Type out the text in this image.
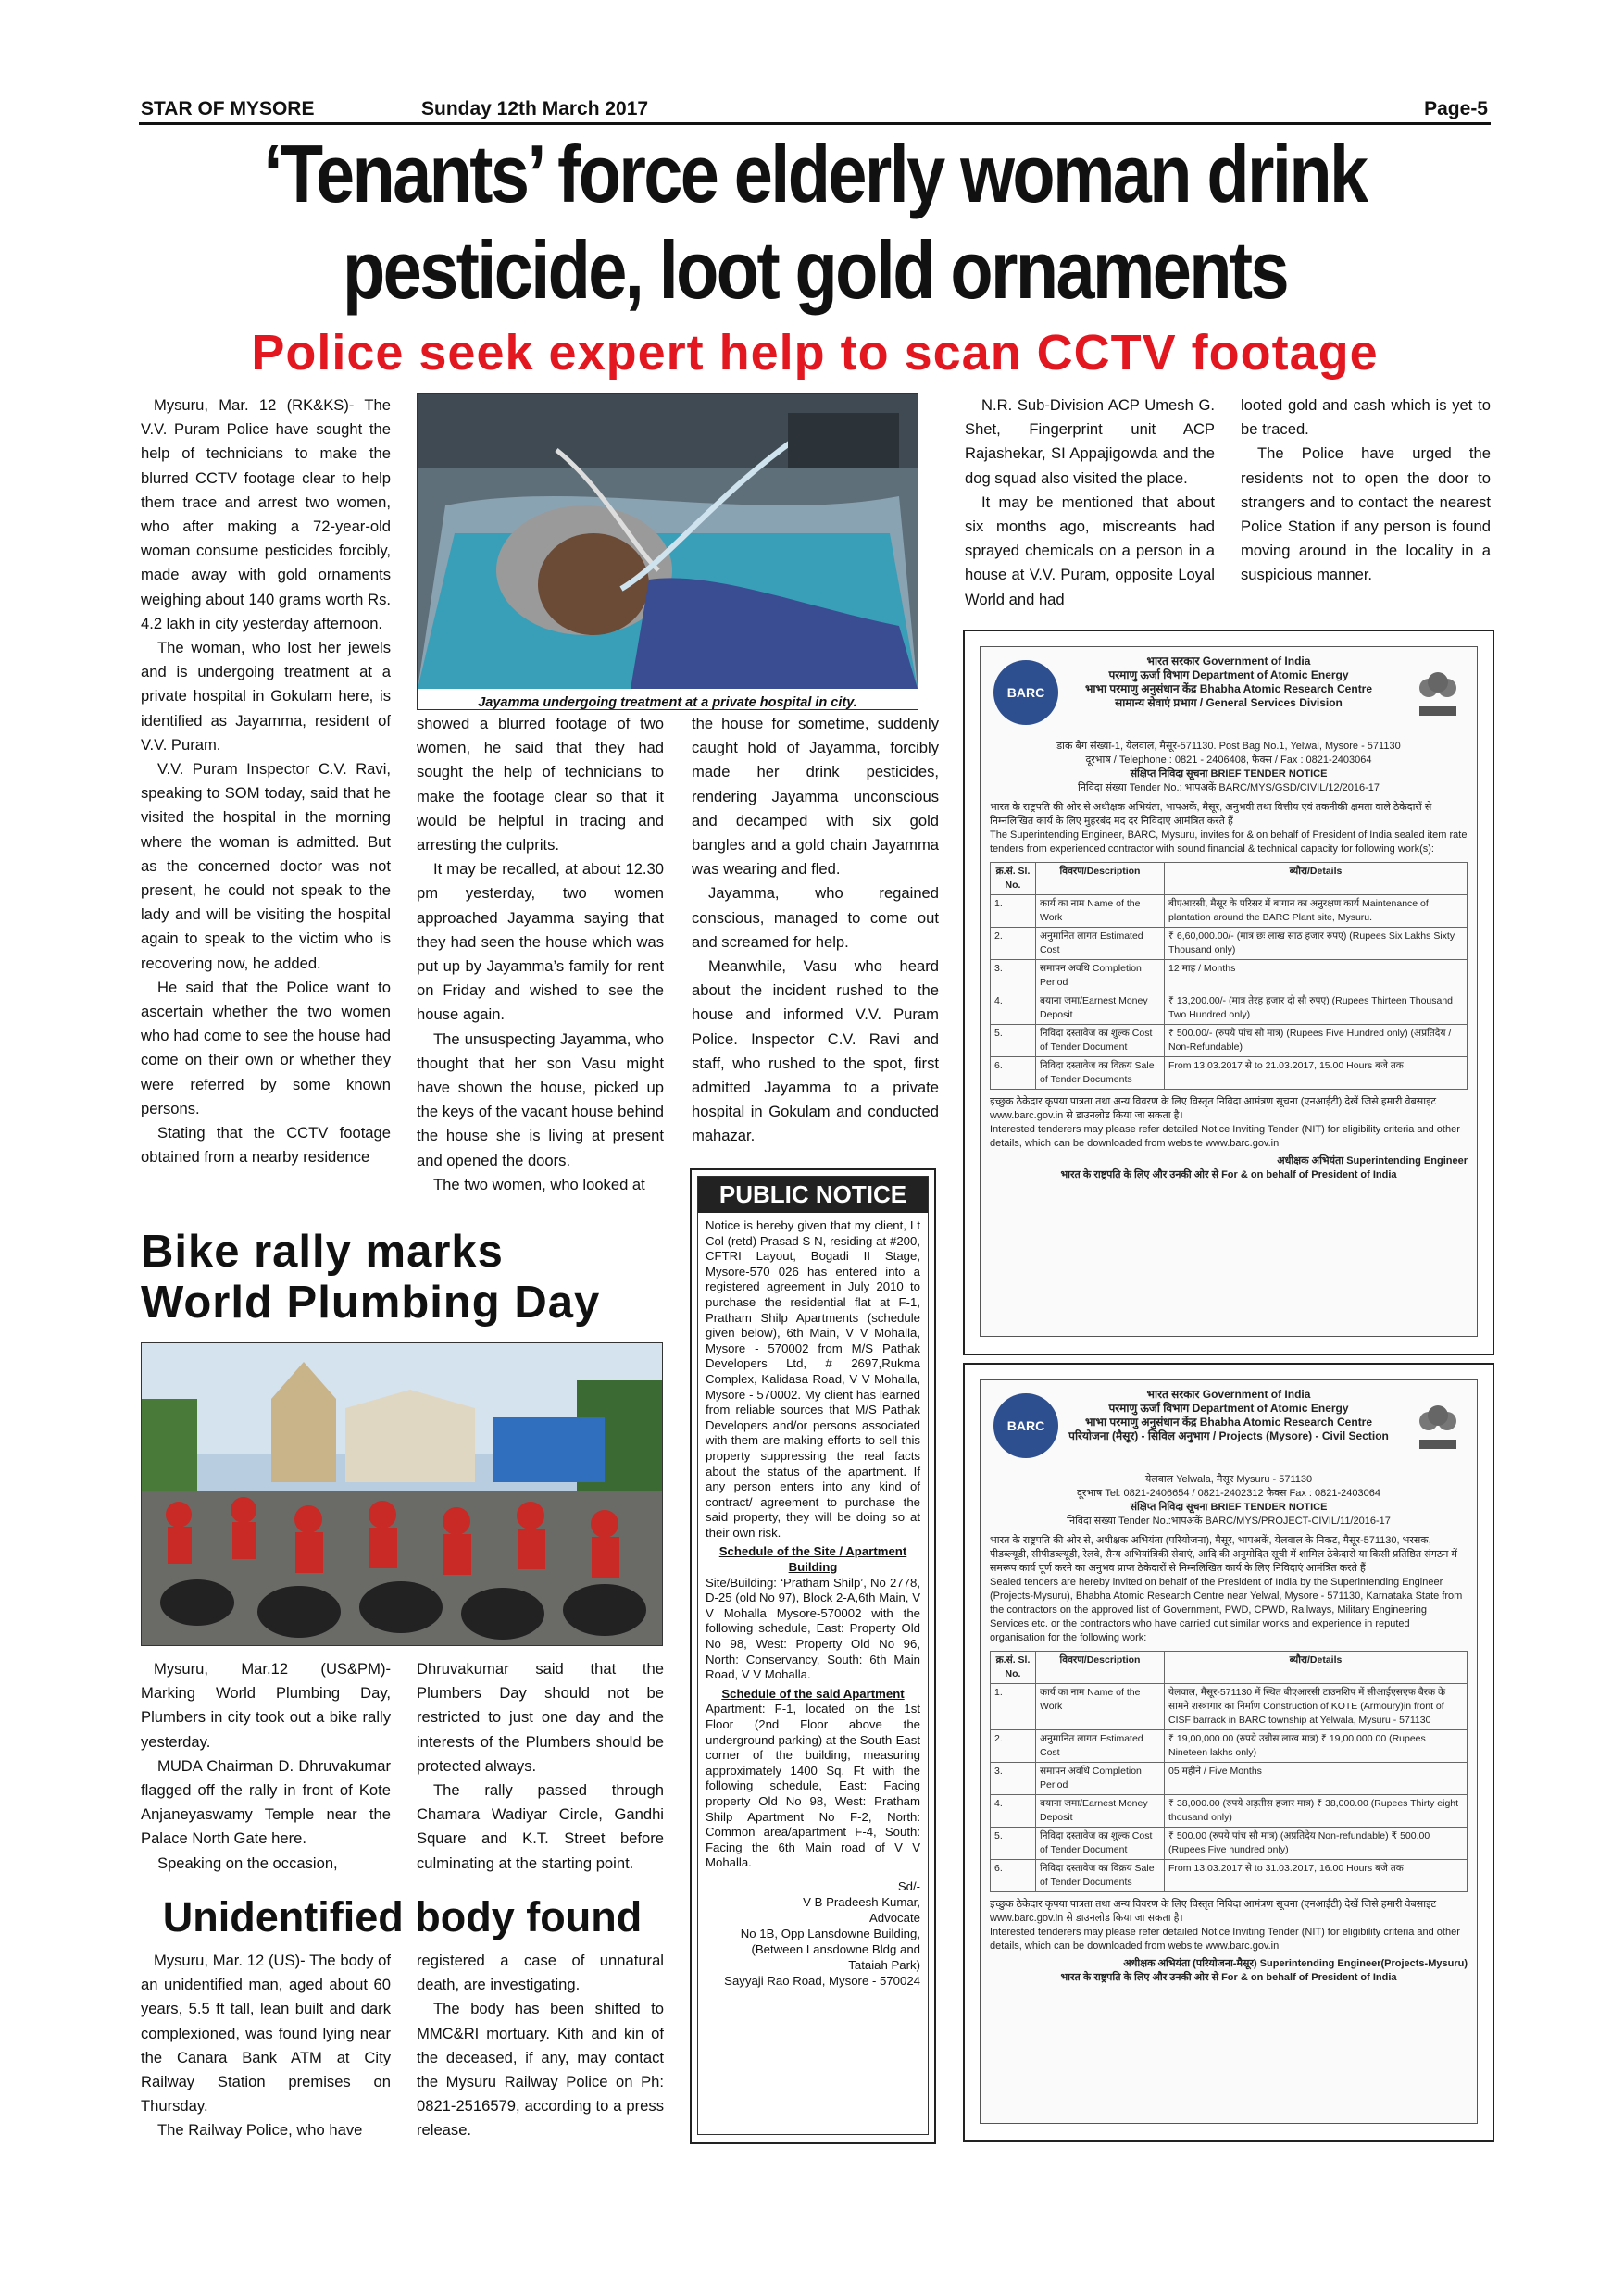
STAR OF MYSORE	Sunday 12th March 2017	Page-5
‘Tenants’ force elderly woman drink
pesticide, loot gold ornaments
Police seek expert help to scan CCTV footage

Mysuru, Mar. 12 (RK&KS)- The V.V. Puram Police have sought the help of technicians to make the blurred CCTV footage clear to help them trace and arrest two women, who after making a 72-year-old woman consume pesticides forcibly, made away with gold ornaments weighing about 140 grams worth Rs. 4.2 lakh in city yesterday afternoon.

The woman, who lost her jewels and is undergoing treatment at a private hospital in Gokulam here, is identified as Jayamma, resident of V.V. Puram.

V.V. Puram Inspector C.V. Ravi, speaking to SOM today, said that he visited the hospital in the morning where the woman is admitted. But as the concerned doctor was not present, he could not speak to the lady and will be visiting the hospital again to speak to the victim who is recovering now, he added.

He said that the Police want to ascertain whether the two women who had come to see the house had come on their own or whether they were referred by some known persons.

Stating that the CCTV footage obtained from a nearby residence

Jayamma undergoing treatment at a private hospital in city.

showed a blurred footage of two women, he said that they had sought the help of technicians to make the footage clear so that it would be helpful in tracing and arresting the culprits.

It may be recalled, at about 12.30 pm yesterday, two women approached Jayamma saying that they had seen the house which was put up by Jayamma’s family for rent on Friday and wished to see the house again.

The unsuspecting Jayamma, who thought that her son Vasu might have shown the house, picked up the keys of the vacant house behind the house she is living at present and opened the doors.

The two women, who looked at

the house for sometime, suddenly caught hold of Jayamma, forcibly made her drink pesticides, rendering Jayamma unconscious and decamped with six gold bangles and a gold chain Jayamma was wearing and fled.

Jayamma, who regained conscious, managed to come out and screamed for help.

Meanwhile, Vasu who heard about the incident rushed to the house and informed V.V. Puram Police. Inspector C.V. Ravi and staff, who rushed to the spot, first admitted Jayamma to a private hospital in Gokulam and conducted mahazar.

N.R. Sub-Division ACP Umesh G. Shet, Fingerprint unit ACP Rajashekar, SI Appajigowda and the dog squad also visited the place.

It may be mentioned that about six months ago, miscreants had sprayed chemicals on a person in a house at V.V. Puram, opposite Loyal World and had

looted gold and cash which is yet to be traced.

The Police have urged the residents not to open the door to strangers and to contact the nearest Police Station if any person is found moving around in the locality in a suspicious manner.

Bike rally marks
World Plumbing Day

Mysuru, Mar.12 (US&PM)- Marking World Plumbing Day, Plumbers in city took out a bike rally yesterday.

MUDA Chairman D. Dhruvakumar flagged off the rally in front of Kote Anjaneyaswamy Temple near the Palace North Gate here.

Speaking on the occasion,

Dhruvakumar said that the Plumbers Day should not be restricted to just one day and the interests of the Plumbers should be protected always.

The rally passed through Chamara Wadiyar Circle, Gandhi Square and K.T. Street before culminating at the starting point.

Unidentified body found

Mysuru, Mar. 12 (US)- The body of an unidentified man, aged about 60 years, 5.5 ft tall, lean built and dark complexioned, was found lying near the Canara Bank ATM at City Railway Station premises on Thursday.

The Railway Police, who have

registered a case of unnatural death, are investigating.

The body has been shifted to MMC&RI mortuary. Kith and kin of the deceased, if any, may contact the Mysuru Railway Police on Ph: 0821-2516579, according to a press release.

PUBLIC NOTICE
Notice is hereby given that my client, Lt Col (retd) Prasad S N, residing at #200, CFTRI Layout, Bogadi II Stage, Mysore-570 026 has entered into a registered agreement in July 2010 to purchase the residential flat at F-1, Pratham Shilp Apartments (schedule given below), 6th Main, V V Mohalla, Mysore - 570002 from M/S Pathak Developers Ltd, # 2697,Rukma Complex, Kalidasa Road, V V Mohalla, Mysore - 570002. My client has learned from reliable sources that M/S Pathak Developers and/or persons associated with them are making efforts to sell this property suppressing the real facts about the status of the apartment. If any person enters into any kind of contract/ agreement to purchase the said property, they will be doing so at their own risk.
Schedule of the Site / Apartment Building
Site/Building: ‘Pratham Shilp’, No 2778, D-25 (old No 97), Block 2-A,6th Main, V V Mohalla Mysore-570002 with the following schedule, East: Property Old No 98, West: Property Old No 96, North: Conservancy, South: 6th Main Road, V V Mohalla.
Schedule of the said Apartment
Apartment: F-1, located on the 1st Floor (2nd Floor above the underground parking) at the South-East corner of the building, measuring approximately 1400 Sq. Ft with the following schedule, East: Facing property Old No 98, West: Pratham Shilp Apartment No F-2, North: Common area/apartment F-4, South: Facing the 6th Main road of V V Mohalla.
Sd/-
V B Pradeesh Kumar,
Advocate
No 1B, Opp Lansdowne Building,
(Between Lansdowne Bldg and
Tataiah Park)
Sayyaji Rao Road, Mysore - 570024
BARC
भारत सरकार Government of India
परमाणु ऊर्जा विभाग Department of Atomic Energy
भाभा परमाणु अनुसंधान केंद्र Bhabha Atomic Research Centre
सामान्य सेवाएं प्रभाग / General Services Division
डाक बैग संख्या-1, येलवाल, मैसूर-571130. Post Bag No.1, Yelwal, Mysore - 571130
दूरभाष / Telephone : 0821 - 2406408, फैक्स / Fax : 0821-2403064
संक्षिप्त निविदा सूचना BRIEF TENDER NOTICE
निविदा संख्या Tender No.: भापअकें BARC/MYS/GSD/CIVIL/12/2016-17
भारत के राष्ट्रपति की ओर से अधीक्षक अभियंता, भापअकें, मैसूर, अनुभवी तथा वित्तीय एवं तकनीकी क्षमता वाले ठेकेदारों से निम्नलिखित कार्य के लिए मुहरबंद मद दर निविदाएं आमंत्रित करते हैं
The Superintending Engineer, BARC, Mysuru, invites for & on behalf of President of India sealed item rate tenders from experienced contractor with sound financial & technical capacity for following work(s):
क्र.सं. Sl. No.	विवरण/Description	ब्यौरा/Details
1.	कार्य का नाम Name of the Work	बीएआरसी, मैसूर के परिसर में बागान का अनुरक्षण कार्य Maintenance of plantation around the BARC Plant site, Mysuru.
2.	अनुमानित लागत Estimated Cost	₹ 6,60,000.00/- (मात्र छः लाख साठ हजार रुपए) (Rupees Six Lakhs Sixty Thousand only)
3.	समापन अवधि Completion Period	12 माह / Months
4.	बयाना जमा/Earnest Money Deposit	₹ 13,200.00/- (मात्र तेरह हजार दो सौ रुपए) (Rupees Thirteen Thousand Two Hundred only)
5.	निविदा दस्तावेज का शुल्क Cost of Tender Document	₹ 500.00/- (रुपये पांच सौ मात्र) (Rupees Five Hundred only) (अप्रतिदेय / Non-Refundable)
6.	निविदा दस्तावेज का विक्रय Sale of Tender Documents	From 13.03.2017 से to 21.03.2017, 15.00 Hours बजे तक
इच्छुक ठेकेदार कृपया पात्रता तथा अन्य विवरण के लिए विस्तृत निविदा आमंत्रण सूचना (एनआईटी) देखें जिसे हमारी वेबसाइट www.barc.gov.in से डाउनलोड किया जा सकता है।
Interested tenderers may please refer detailed Notice Inviting Tender (NIT) for eligibility criteria and other details, which can be downloaded from website www.barc.gov.in
अधीक्षक अभियंता Superintending Engineer
भारत के राष्ट्रपति के लिए और उनकी ओर से For & on behalf of President of India
BARC
भारत सरकार Government of India
परमाणु ऊर्जा विभाग Department of Atomic Energy
भाभा परमाणु अनुसंधान केंद्र Bhabha Atomic Research Centre
परियोजना (मैसूर) - सिविल अनुभाग / Projects (Mysore) - Civil Section
येलवाल Yelwala, मैसूर Mysuru - 571130
दूरभाष Tel: 0821-2406654 / 0821-2402312 फैक्स Fax : 0821-2403064
संक्षिप्त निविदा सूचना BRIEF TENDER NOTICE
निविदा संख्या Tender No.:भापअकें BARC/MYS/PROJECT-CIVIL/11/2016-17
भारत के राष्ट्रपति की ओर से, अधीक्षक अभियंता (परियोजना), मैसूर, भापअकें, येलवाल के निकट, मैसूर-571130, भरसक, पीडब्ल्यूडी, सीपीडब्ल्यूडी, रेलवे, सैन्य अभियांत्रिकी सेवाएं, आदि की अनुमोदित सूची में शामिल ठेकेदारों या किसी प्रतिष्ठित संगठन में समरूप कार्य पूर्ण करने का अनुभव प्राप्त ठेकेदारों से निम्नलिखित कार्य के लिए निविदाएं आमंत्रित करते हैं।
Sealed tenders are hereby invited on behalf of the President of India by the Superintending Engineer (Projects-Mysuru), Bhabha Atomic Research Centre near Yelwal, Mysore - 571130, Karnataka State from the contractors on the approved list of Government, PWD, CPWD, Railways, Military Engineering Services etc. or the contractors who have carried out similar works and experience in reputed organisation for the following work:
क्र.सं. Sl. No.	विवरण/Description	ब्यौरा/Details
1.	कार्य का नाम Name of the Work	येलवाल, मैसूर-571130 में स्थित बीएआरसी टाउनशिप में सीआईएसएफ बैरक के सामने शस्त्रागार का निर्माण Construction of KOTE (Armoury)in front of CISF barrack in BARC township at Yelwala, Mysuru - 571130
2.	अनुमानित लागत Estimated Cost	₹ 19,00,000.00 (रुपये उन्नीस लाख मात्र) ₹ 19,00,000.00 (Rupees Nineteen lakhs only)
3.	समापन अवधि Completion Period	05 महीने / Five Months
4.	बयाना जमा/Earnest Money Deposit	₹ 38,000.00 (रुपये अड़तीस हजार मात्र) ₹ 38,000.00 (Rupees Thirty eight thousand only)
5.	निविदा दस्तावेज का शुल्क Cost of Tender Document	₹ 500.00 (रुपये पांच सौ मात्र) (अप्रतिदेय Non-refundable) ₹ 500.00 (Rupees Five hundred only)
6.	निविदा दस्तावेज का विक्रय Sale of Tender Documents	From 13.03.2017 से to 31.03.2017, 16.00 Hours बजे तक
इच्छुक ठेकेदार कृपया पात्रता तथा अन्य विवरण के लिए विस्तृत निविदा आमंत्रण सूचना (एनआईटी) देखें जिसे हमारी वेबसाइट www.barc.gov.in से डाउनलोड किया जा सकता है।
Interested tenderers may please refer detailed Notice Inviting Tender (NIT) for eligibility criteria and other details, which can be downloaded from website www.barc.gov.in
अधीक्षक अभियंता (परियोजना-मैसूर) Superintending Engineer(Projects-Mysuru)
भारत के राष्ट्रपति के लिए और उनकी ओर से For & on behalf of President of India
